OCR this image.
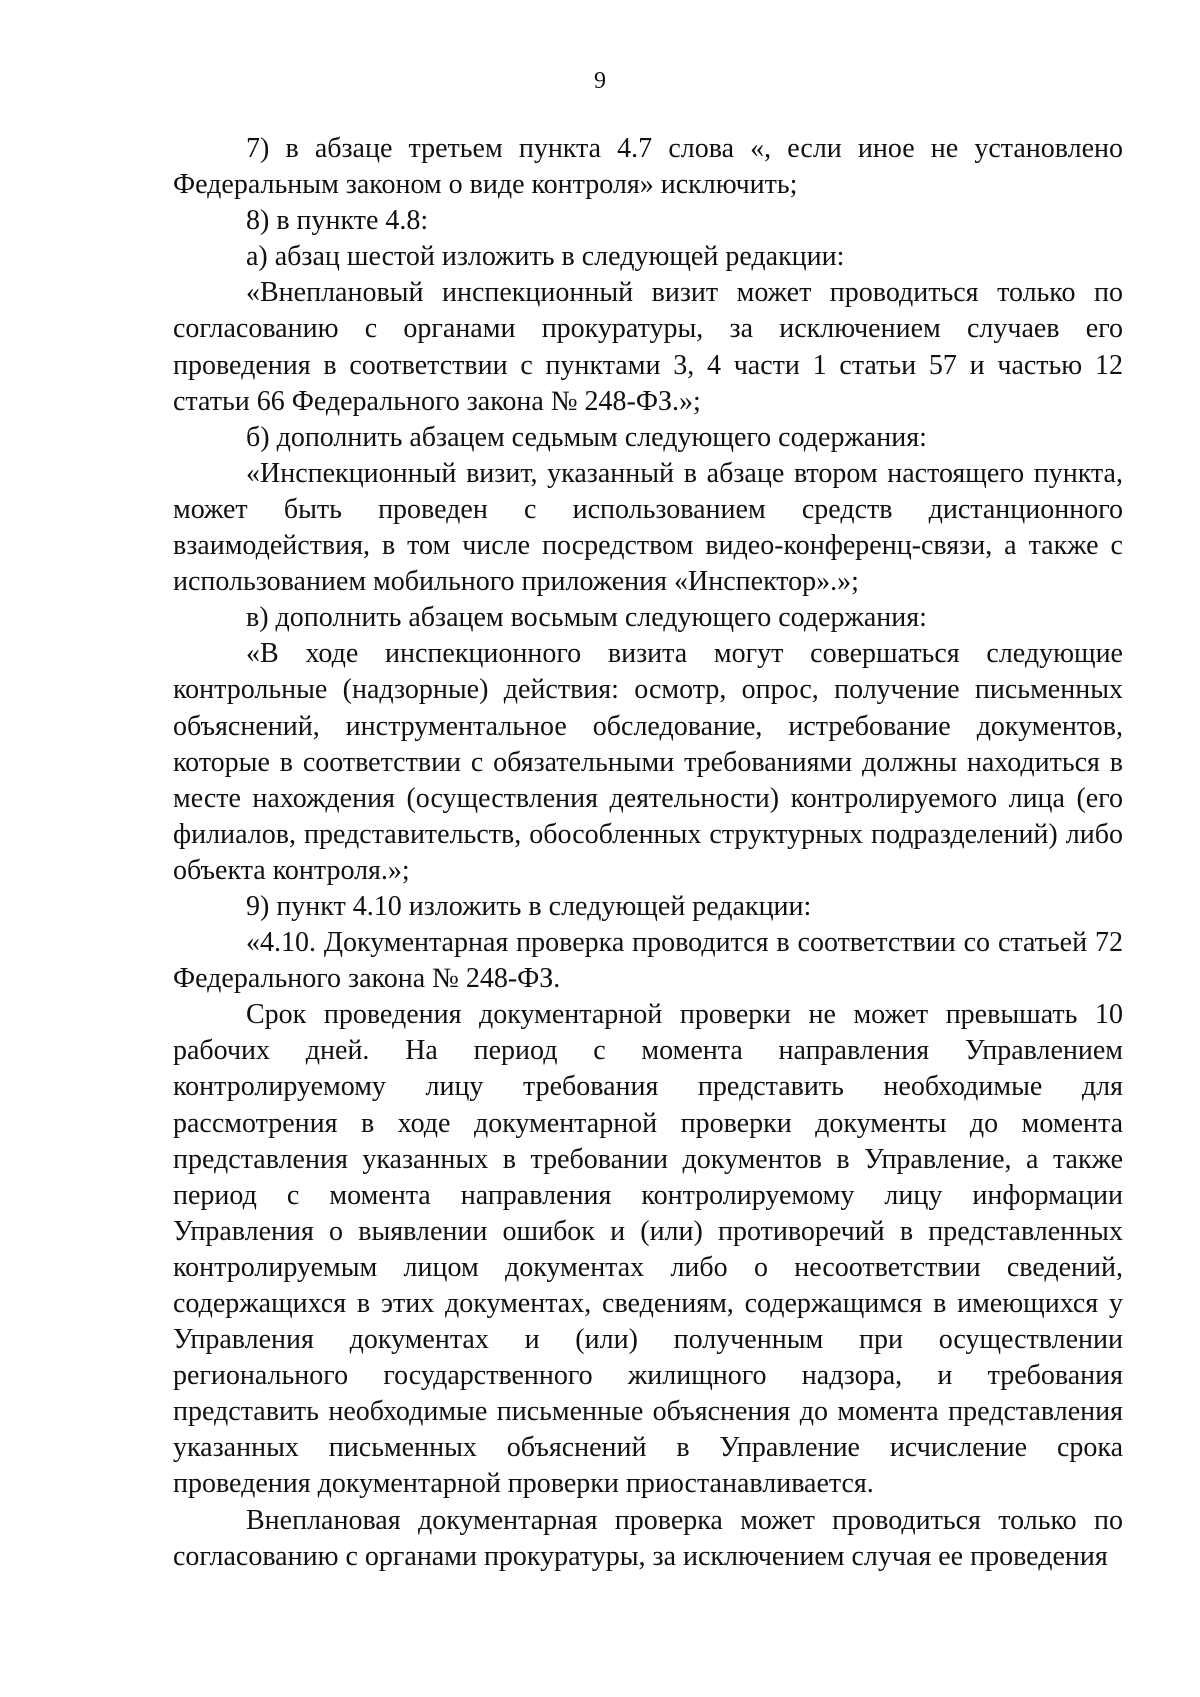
9

7) в абзаце третьем пункта 4.7 слова «, если иное не установлено Федеральным законом о виде контроля» исключить;

8) в пункте 4.8:

а) абзац шестой изложить в следующей редакции:

«Внеплановый инспекционный визит может проводиться только по согласованию с органами прокуратуры, за исключением случаев его проведения в соответствии с пунктами 3, 4 части 1 статьи 57 и частью 12 статьи 66 Федерального закона № 248-ФЗ.»;

б) дополнить абзацем седьмым следующего содержания:

«Инспекционный визит, указанный в абзаце втором настоящего пункта, может быть проведен с использованием средств дистанционного взаимодействия, в том числе посредством видео-конференц-связи, а также с использованием мобильного приложения «Инспектор».»;

в) дополнить абзацем восьмым следующего содержания:

«В ходе инспекционного визита могут совершаться следующие контрольные (надзорные) действия: осмотр, опрос, получение письменных объяснений, инструментальное обследование, истребование документов, которые в соответствии с обязательными требованиями должны находиться в месте нахождения (осуществления деятельности) контролируемого лица (его филиалов, представительств, обособленных структурных подразделений) либо объекта контроля.»;

9) пункт 4.10 изложить в следующей редакции:

«4.10. Документарная проверка проводится в соответствии со статьей 72 Федерального закона № 248-ФЗ.

Срок проведения документарной проверки не может превышать 10 рабочих дней. На период с момента направления Управлением контролируемому лицу требования представить необходимые для рассмотрения в ходе документарной проверки документы до момента представления указанных в требовании документов в Управление, а также период с момента направления контролируемому лицу информации Управления о выявлении ошибок и (или) противоречий в представленных контролируемым лицом документах либо о несоответствии сведений, содержащихся в этих документах, сведениям, содержащимся в имеющихся у Управления документах и (или) полученным при осуществлении регионального государственного жилищного надзора, и требования представить необходимые письменные объяснения до момента представления указанных письменных объяснений в Управление исчисление срока проведения документарной проверки приостанавливается.

Внеплановая документарная проверка может проводиться только по согласованию с органами прокуратуры, за исключением случая ее проведения
